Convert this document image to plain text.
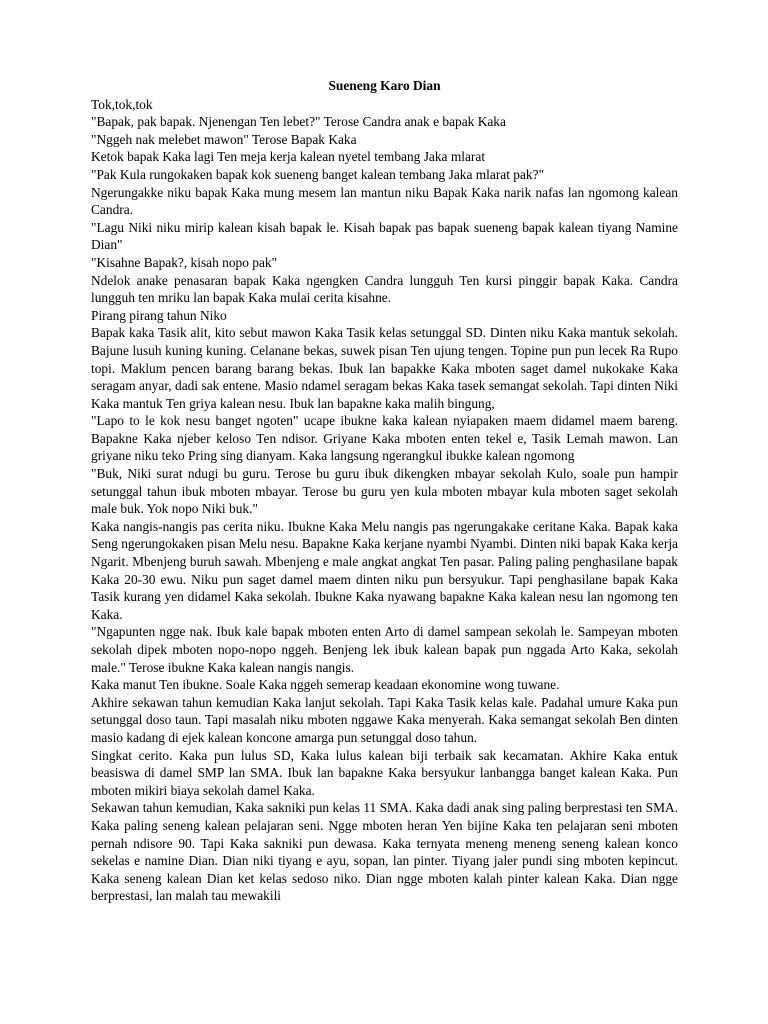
Sueneng Karo Dian

Tok,tok,tok

"Bapak, pak bapak. Njenengan Ten lebet?" Terose Candra anak e bapak Kaka

"Nggeh nak melebet mawon" Terose Bapak Kaka

Ketok bapak Kaka lagi Ten meja kerja kalean nyetel tembang Jaka mlarat

"Pak Kula rungokaken bapak kok sueneng banget kalean tembang Jaka mlarat pak?"

Ngerungakke niku bapak Kaka mung mesem lan mantun niku Bapak Kaka narik nafas lan ngomong kalean Candra.

"Lagu Niki niku mirip kalean kisah bapak le. Kisah bapak pas bapak sueneng bapak kalean tiyang Namine Dian"

"Kisahne Bapak?, kisah nopo pak"

Ndelok anake penasaran bapak Kaka ngengken Candra lungguh Ten kursi pinggir bapak Kaka. Candra lungguh ten mriku lan bapak Kaka mulai cerita kisahne.

Pirang pirang tahun Niko

Bapak kaka Tasik alit, kito sebut mawon Kaka Tasik kelas setunggal SD. Dinten niku Kaka mantuk sekolah. Bajune lusuh kuning kuning. Celanane bekas, suwek pisan Ten ujung tengen. Topine pun pun lecek Ra Rupo topi. Maklum pencen barang barang bekas. Ibuk lan bapakke Kaka mboten saget damel nukokake Kaka seragam anyar, dadi sak entene. Masio ndamel seragam bekas Kaka tasek semangat sekolah. Tapi dinten Niki Kaka mantuk Ten griya kalean nesu. Ibuk lan bapakne kaka malih bingung,

"Lapo to le kok nesu banget ngoten" ucape ibukne kaka kalean nyiapaken maem didamel maem bareng. Bapakne Kaka njeber keloso Ten ndisor. Griyane Kaka mboten enten tekel e, Tasik Lemah mawon. Lan griyane niku teko Pring sing dianyam. Kaka langsung ngerangkul ibukke kalean ngomong

"Buk, Niki surat ndugi bu guru. Terose bu guru ibuk dikengken mbayar sekolah Kulo, soale pun hampir setunggal tahun ibuk mboten mbayar. Terose bu guru yen kula mboten mbayar kula mboten saget sekolah male buk. Yok nopo Niki buk."

Kaka nangis-nangis pas cerita niku. Ibukne Kaka Melu nangis pas ngerungakake ceritane Kaka. Bapak kaka Seng ngerungokaken pisan Melu nesu. Bapakne Kaka kerjane nyambi Nyambi. Dinten niki bapak Kaka kerja Ngarit. Mbenjeng buruh sawah. Mbenjeng e male angkat angkat Ten pasar. Paling paling penghasilane bapak Kaka 20-30 ewu. Niku pun saget damel maem dinten niku pun bersyukur. Tapi penghasilane bapak Kaka Tasik kurang yen didamel Kaka sekolah. Ibukne Kaka nyawang bapakne Kaka kalean nesu lan ngomong ten Kaka.

"Ngapunten ngge nak. Ibuk kale bapak mboten enten Arto di damel sampean sekolah le. Sampeyan mboten sekolah dipek mboten nopo-nopo nggeh. Benjeng lek ibuk kalean bapak pun nggada Arto Kaka, sekolah male." Terose ibukne Kaka kalean nangis nangis.

Kaka manut Ten ibukne. Soale Kaka nggeh semerap keadaan ekonomine wong tuwane.

Akhire sekawan tahun kemudian Kaka lanjut sekolah. Tapi Kaka Tasik kelas kale. Padahal umure Kaka pun setunggal doso taun. Tapi masalah niku mboten nggawe Kaka menyerah. Kaka semangat sekolah Ben dinten masio kadang di ejek kalean koncone amarga pun setunggal doso tahun.

Singkat cerito. Kaka pun lulus SD, Kaka lulus kalean biji terbaik sak kecamatan. Akhire Kaka entuk beasiswa di damel SMP lan SMA. Ibuk lan bapakne Kaka bersyukur lanbangga banget kalean Kaka. Pun mboten mikiri biaya sekolah damel Kaka.

Sekawan tahun kemudian, Kaka sakniki pun kelas 11 SMA. Kaka dadi anak sing paling berprestasi ten SMA. Kaka paling seneng kalean pelajaran seni. Ngge mboten heran Yen bijine Kaka ten pelajaran seni mboten pernah ndisore 90. Tapi Kaka sakniki pun dewasa. Kaka ternyata meneng meneng seneng kalean konco sekelas e namine Dian. Dian niki tiyang e ayu, sopan, lan pinter. Tiyang jaler pundi sing mboten kepincut. Kaka seneng kalean Dian ket kelas sedoso niko. Dian ngge mboten kalah pinter kalean Kaka. Dian ngge berprestasi, lan malah tau mewakili
